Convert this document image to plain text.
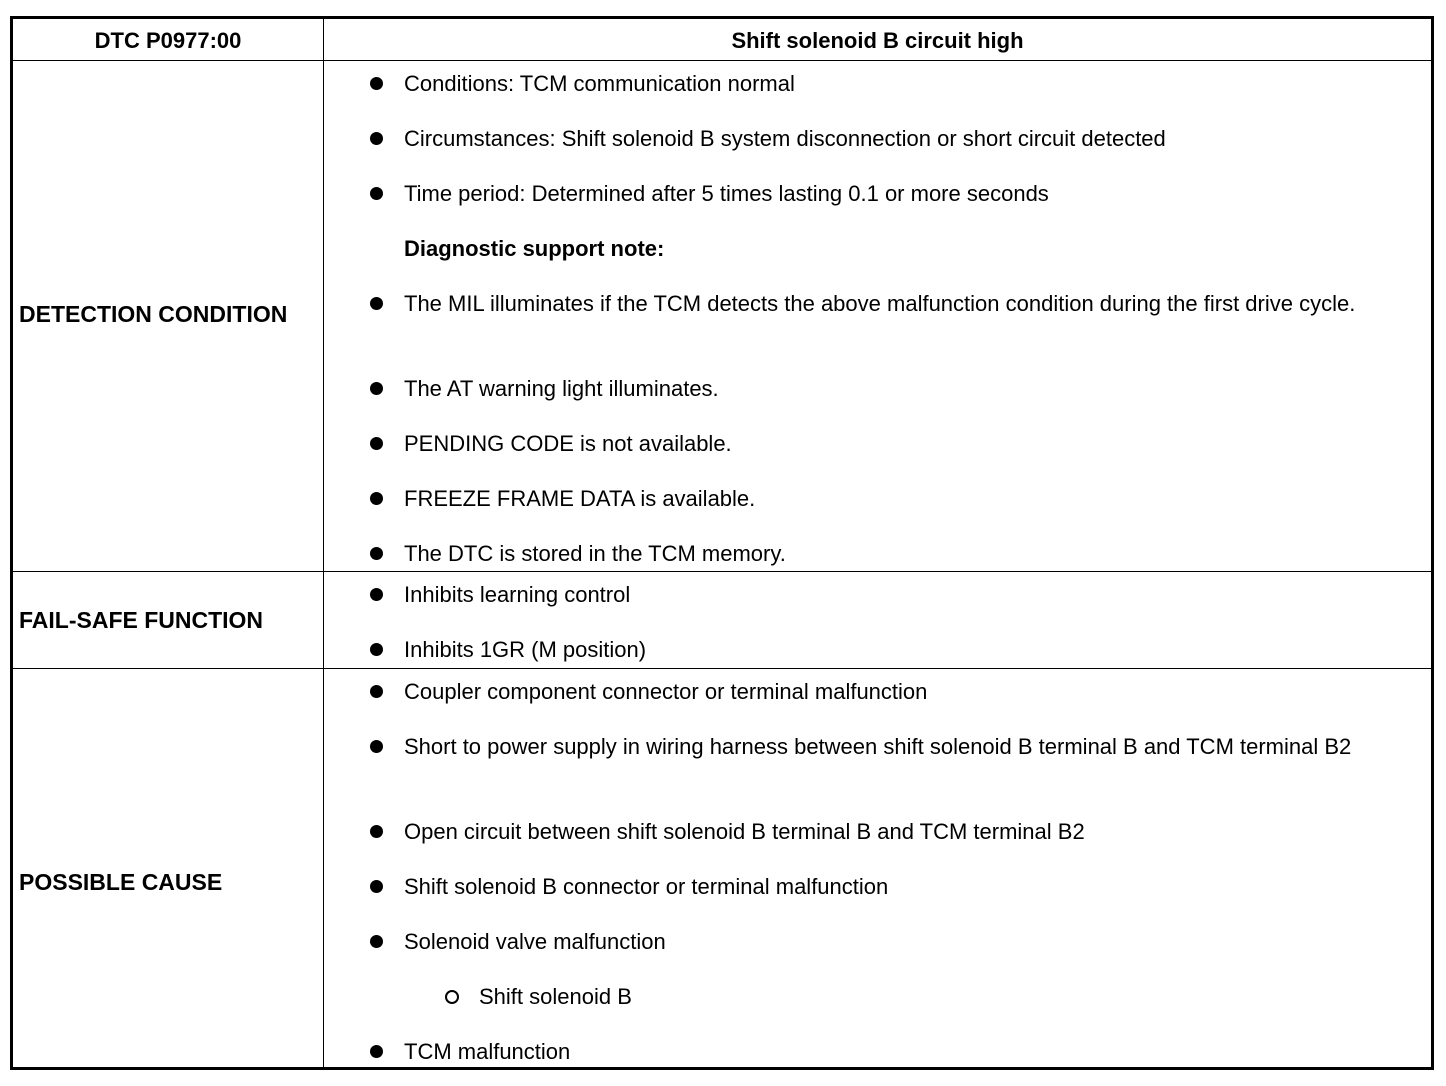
DTC P0977:00	Shift solenoid B circuit high
DETECTION CONDITION
Conditions: TCM communication normal
Circumstances: Shift solenoid B system disconnection or short circuit detected
Time period: Determined after 5 times lasting 0.1 or more seconds
Diagnostic support note:
The MIL illuminates if the TCM detects the above malfunction condition during the first drive cycle.
The AT warning light illuminates.
PENDING CODE is not available.
FREEZE FRAME DATA is available.
The DTC is stored in the TCM memory.
FAIL-SAFE FUNCTION
Inhibits learning control
Inhibits 1GR (M position)
POSSIBLE CAUSE
Coupler component connector or terminal malfunction
Short to power supply in wiring harness between shift solenoid B terminal B and TCM terminal B2
Open circuit between shift solenoid B terminal B and TCM terminal B2
Shift solenoid B connector or terminal malfunction
Solenoid valve malfunction
Shift solenoid B
TCM malfunction
